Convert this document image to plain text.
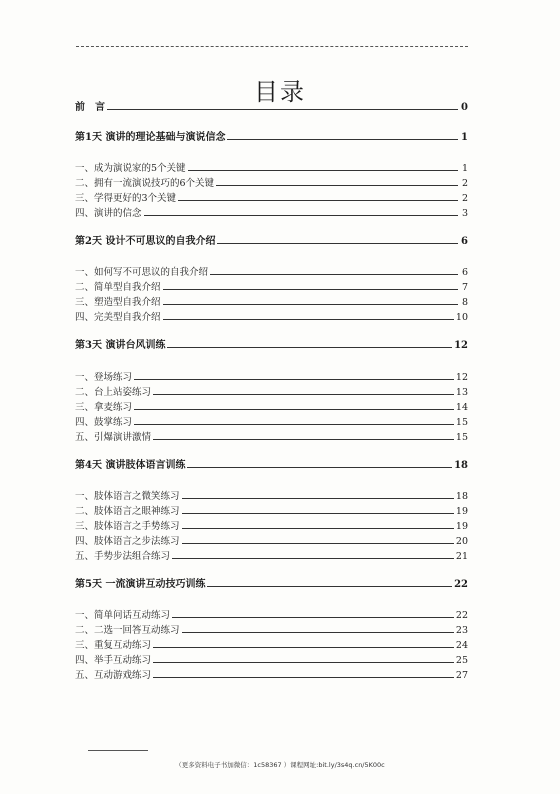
目录
前　言	0
第1天 演讲的理论基础与演说信念	1
一、成为演说家的5个关键	1
二、拥有一流演说技巧的6个关键	2
三、学得更好的3个关键	2
四、演讲的信念	3
第2天 设计不可思议的自我介绍	6
一、如何写不可思议的自我介绍	6
二、简单型自我介绍	7
三、塑造型自我介绍	8
四、完美型自我介绍	10
第3天 演讲台风训练	12
一、登场练习	12
二、台上站姿练习	13
三、拿麦练习	14
四、鼓掌练习	15
五、引爆演讲激情	15
第4天 演讲肢体语言训练	18
一、肢体语言之微笑练习	18
二、肢体语言之眼神练习	19
三、肢体语言之手势练习	19
四、肢体语言之步法练习	20
五、手势步法组合练习	21
第5天 一流演讲互动技巧训练	22
一、简单问话互动练习	22
二、二选一回答互动练习	23
三、重复互动练习	24
四、举手互动练习	25
五、互动游戏练习	27
（更多资料电子书加微信：1c58367 ）课程网址:bit.ly/3s4q.cn/5K00c
